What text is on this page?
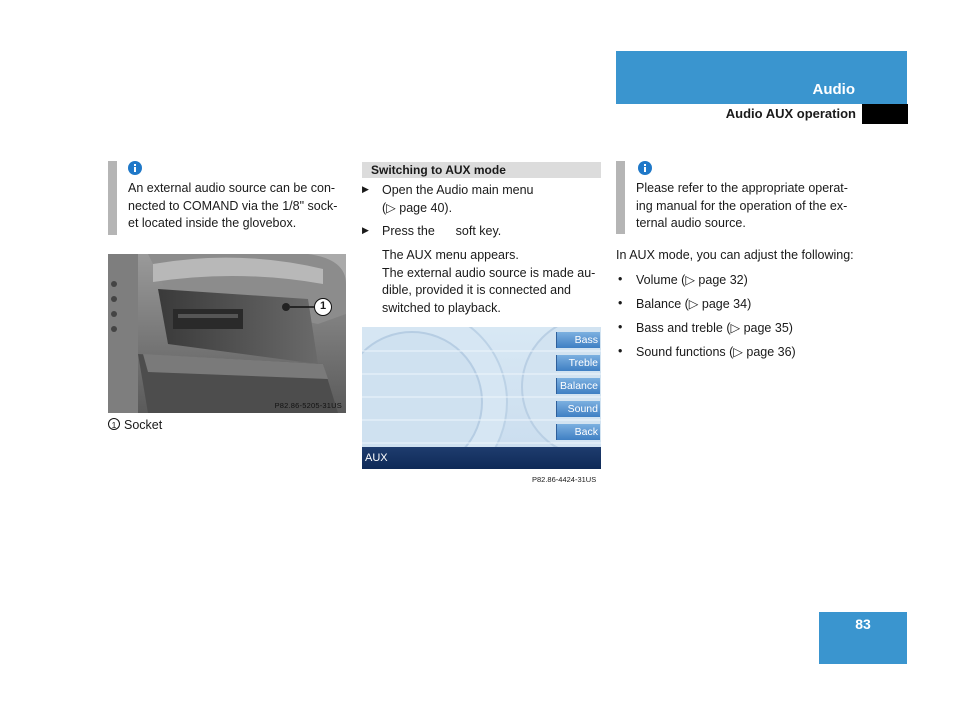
Audio
Audio AUX operation
An external audio source can be con-
nected to COMAND via the 1/8" sock-
et located inside the glovebox.
1
P82.86-5205-31US
1 Socket
Switching to AUX mode
▶ Open the Audio main menu
(▷ page 40).
▶ Press the      soft key.
The AUX menu appears.
The external audio source is made au-
dible, provided it is connected and
switched to playback.
Bass
Treble
Balance
Sound
Back
AUX
P82.86-4424-31US
Please refer to the appropriate operat-
ing manual for the operation of the ex-
ternal audio source.
In AUX mode, you can adjust the following:
• Volume (▷ page 32)
• Balance (▷ page 34)
• Bass and treble (▷ page 35)
• Sound functions (▷ page 36)
83
